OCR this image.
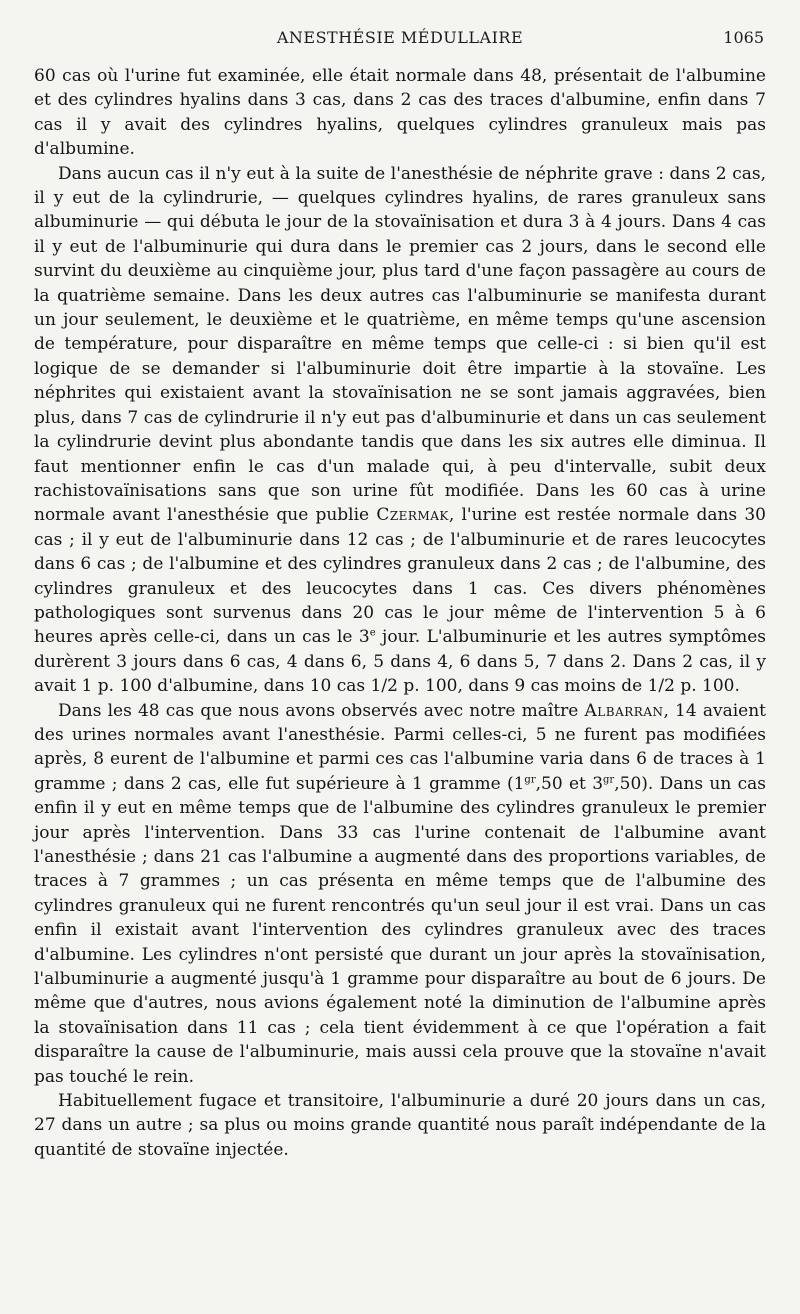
ANESTHÉSIE MÉDULLAIRE	1065

60 cas où l'urine fut examinée, elle était normale dans 48, présentait de l'albumine et des cylindres hyalins dans 3 cas, dans 2 cas des traces d'albumine, enfin dans 7 cas il y avait des cylindres hyalins, quelques cylindres granuleux mais pas d'albumine.

Dans aucun cas il n'y eut à la suite de l'anesthésie de néphrite grave : dans 2 cas, il y eut de la cylindrurie, — quelques cylindres hyalins, de rares granuleux sans albuminurie — qui débuta le jour de la stovaïnisation et dura 3 à 4 jours. Dans 4 cas il y eut de l'albuminurie qui dura dans le premier cas 2 jours, dans le second elle survint du deuxième au cinquième jour, plus tard d'une façon passagère au cours de la quatrième semaine. Dans les deux autres cas l'albuminurie se manifesta durant un jour seulement, le deuxième et le quatrième, en même temps qu'une ascension de température, pour disparaître en même temps que celle-ci : si bien qu'il est logique de se demander si l'albuminurie doit être impartie à la stovaïne. Les néphrites qui existaient avant la stovaïnisation ne se sont jamais aggravées, bien plus, dans 7 cas de cylindrurie il n'y eut pas d'albuminurie et dans un cas seulement la cylindrurie devint plus abondante tandis que dans les six autres elle diminua. Il faut mentionner enfin le cas d'un malade qui, à peu d'intervalle, subit deux rachistovaïnisations sans que son urine fût modifiée. Dans les 60 cas à urine normale avant l'anesthésie que publie Czermak, l'urine est restée normale dans 30 cas ; il y eut de l'albuminurie dans 12 cas ; de l'albuminurie et de rares leucocytes dans 6 cas ; de l'albumine et des cylindres granuleux dans 2 cas ; de l'albumine, des cylindres granuleux et des leucocytes dans 1 cas. Ces divers phénomènes pathologiques sont survenus dans 20 cas le jour même de l'intervention 5 à 6 heures après celle-ci, dans un cas le 3e jour. L'albuminurie et les autres symptômes durèrent 3 jours dans 6 cas, 4 dans 6, 5 dans 4, 6 dans 5, 7 dans 2. Dans 2 cas, il y avait 1 p. 100 d'albumine, dans 10 cas 1/2 p. 100, dans 9 cas moins de 1/2 p. 100.

Dans les 48 cas que nous avons observés avec notre maître Albarran, 14 avaient des urines normales avant l'anesthésie. Parmi celles-ci, 5 ne furent pas modifiées après, 8 eurent de l'albumine et parmi ces cas l'albumine varia dans 6 de traces à 1 gramme ; dans 2 cas, elle fut supérieure à 1 gramme ($1^{gr},50$ et $3^{gr},50$). Dans un cas enfin il y eut en même temps que de l'albumine des cylindres granuleux le premier jour après l'intervention. Dans 33 cas l'urine contenait de l'albumine avant l'anesthésie ; dans 21 cas l'albumine a augmenté dans des proportions variables, de traces à 7 grammes ; un cas présenta en même temps que de l'albumine des cylindres granuleux qui ne furent rencontrés qu'un seul jour il est vrai. Dans un cas enfin il existait avant l'intervention des cylindres granuleux avec des traces d'albumine. Les cylindres n'ont persisté que durant un jour après la stovaïnisation, l'albuminurie a augmenté jusqu'à 1 gramme pour disparaître au bout de 6 jours. De même que d'autres, nous avions également noté la diminution de l'albumine après la stovaïnisation dans 11 cas ; cela tient évidemment à ce que l'opération a fait disparaître la cause de l'albuminurie, mais aussi cela prouve que la stovaïne n'avait pas touché le rein.

Habituellement fugace et transitoire, l'albuminurie a duré 20 jours dans un cas, 27 dans un autre ; sa plus ou moins grande quantité nous paraît indépendante de la quantité de stovaïne injectée.
